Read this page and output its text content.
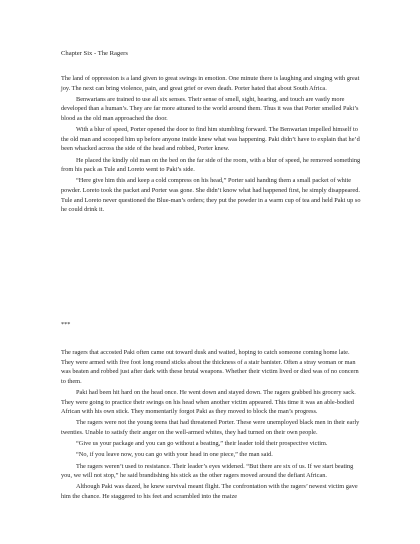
Chapter Six - The Ragers

The land of oppression is a land given to great swings in emotion. One minute there is laughing and singing with great joy. The next can bring violence, pain, and great grief or even death. Porter hated that about South Africa.

Benwarians are trained to use all six senses. Their sense of smell, sight, hearing, and touch are vastly more developed than a human’s. They are far more attuned to the world around them. Thus it was that Porter smelled Paki’s blood as the old man approached the door.

With a blur of speed, Porter opened the door to find him stumbling forward. The Benwarian impelled himself to the old man and scooped him up before anyone inside knew what was happening. Paki didn’t have to explain that he’d been whacked across the side of the head and robbed, Porter knew.

He placed the kindly old man on the bed on the far side of the room, with a blur of speed, he removed something from his pack as Tule and Loreto went to Paki’s side.

“Here give him this and keep a cold compress on his head,” Porter said handing them a small packet of white powder. Loreto took the packet and Porter was gone. She didn’t know what had happened first, he simply disappeared. Tule and Loreto never questioned the Blue-man’s orders; they put the powder in a warm cup of tea and held Paki up so he could drink it.

***

The ragers that accosted Paki often came out toward dusk and waited, hoping to catch someone coming home late. They were armed with five foot long round sticks about the thickness of a stair banister. Often a stray woman or man was beaten and robbed just after dark with these brutal weapons. Whether their victim lived or died was of no concern to them.

Paki had been hit hard on the head once. He went down and stayed down. The ragers grabbed his grocery sack. They were going to practice their swings on his head when another victim appeared. This time it was an able-bodied African with his own stick. They momentarily forgot Paki as they moved to block the man’s progress.

The ragers were not the young teens that had threatened Porter. These were unemployed black men in their early twenties. Unable to satisfy their anger on the well-armed whites, they had turned on their own people.

“Give us your package and you can go without a beating,” their leader told their prospective victim.

“No, if you leave now, you can go with your head in one piece,” the man said.

The ragers weren’t used to resistance. Their leader’s eyes widened. “But there are six of us. If we start beating you, we will not stop,” he said brandishing his stick as the other ragers moved around the defiant African.

Although Paki was dazed, he knew survival meant flight. The confrontation with the ragers’ newest victim gave him the chance. He staggered to his feet and scrambled into the maize
